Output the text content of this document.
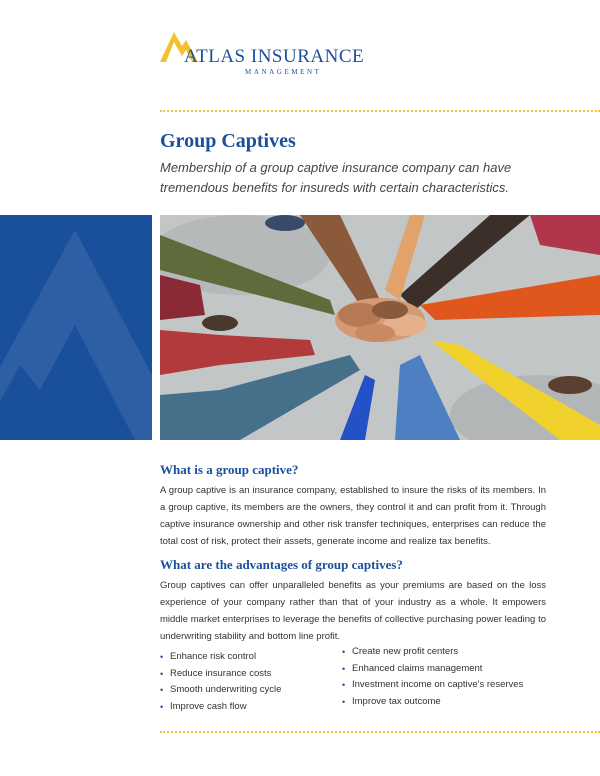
ATLAS INSURANCE
MANAGEMENT
Group Captives

Membership of a group captive insurance company can have tremendous benefits for insureds with certain characteristics.

What is a group captive?

A group captive is an insurance company, established to insure the risks of its members. In a group captive, its members are the owners, they control it and can profit from it. Through captive insurance ownership and other risk transfer techniques, enterprises can reduce the total cost of risk, protect their assets, generate income and realize tax benefits.

What are the advantages of group captives?

Group captives can offer unparalleled benefits as your premiums are based on the loss experience of your company rather than that of your industry as a whole. It empowers middle market enterprises to leverage the benefits of collective purchasing power leading to underwriting stability and bottom line profit.

• Enhance risk control
• Reduce insurance costs
• Smooth underwriting cycle
• Improve cash flow
• Create new profit centers
• Enhanced claims management
• Investment income on captive's reserves
• Improve tax outcome
